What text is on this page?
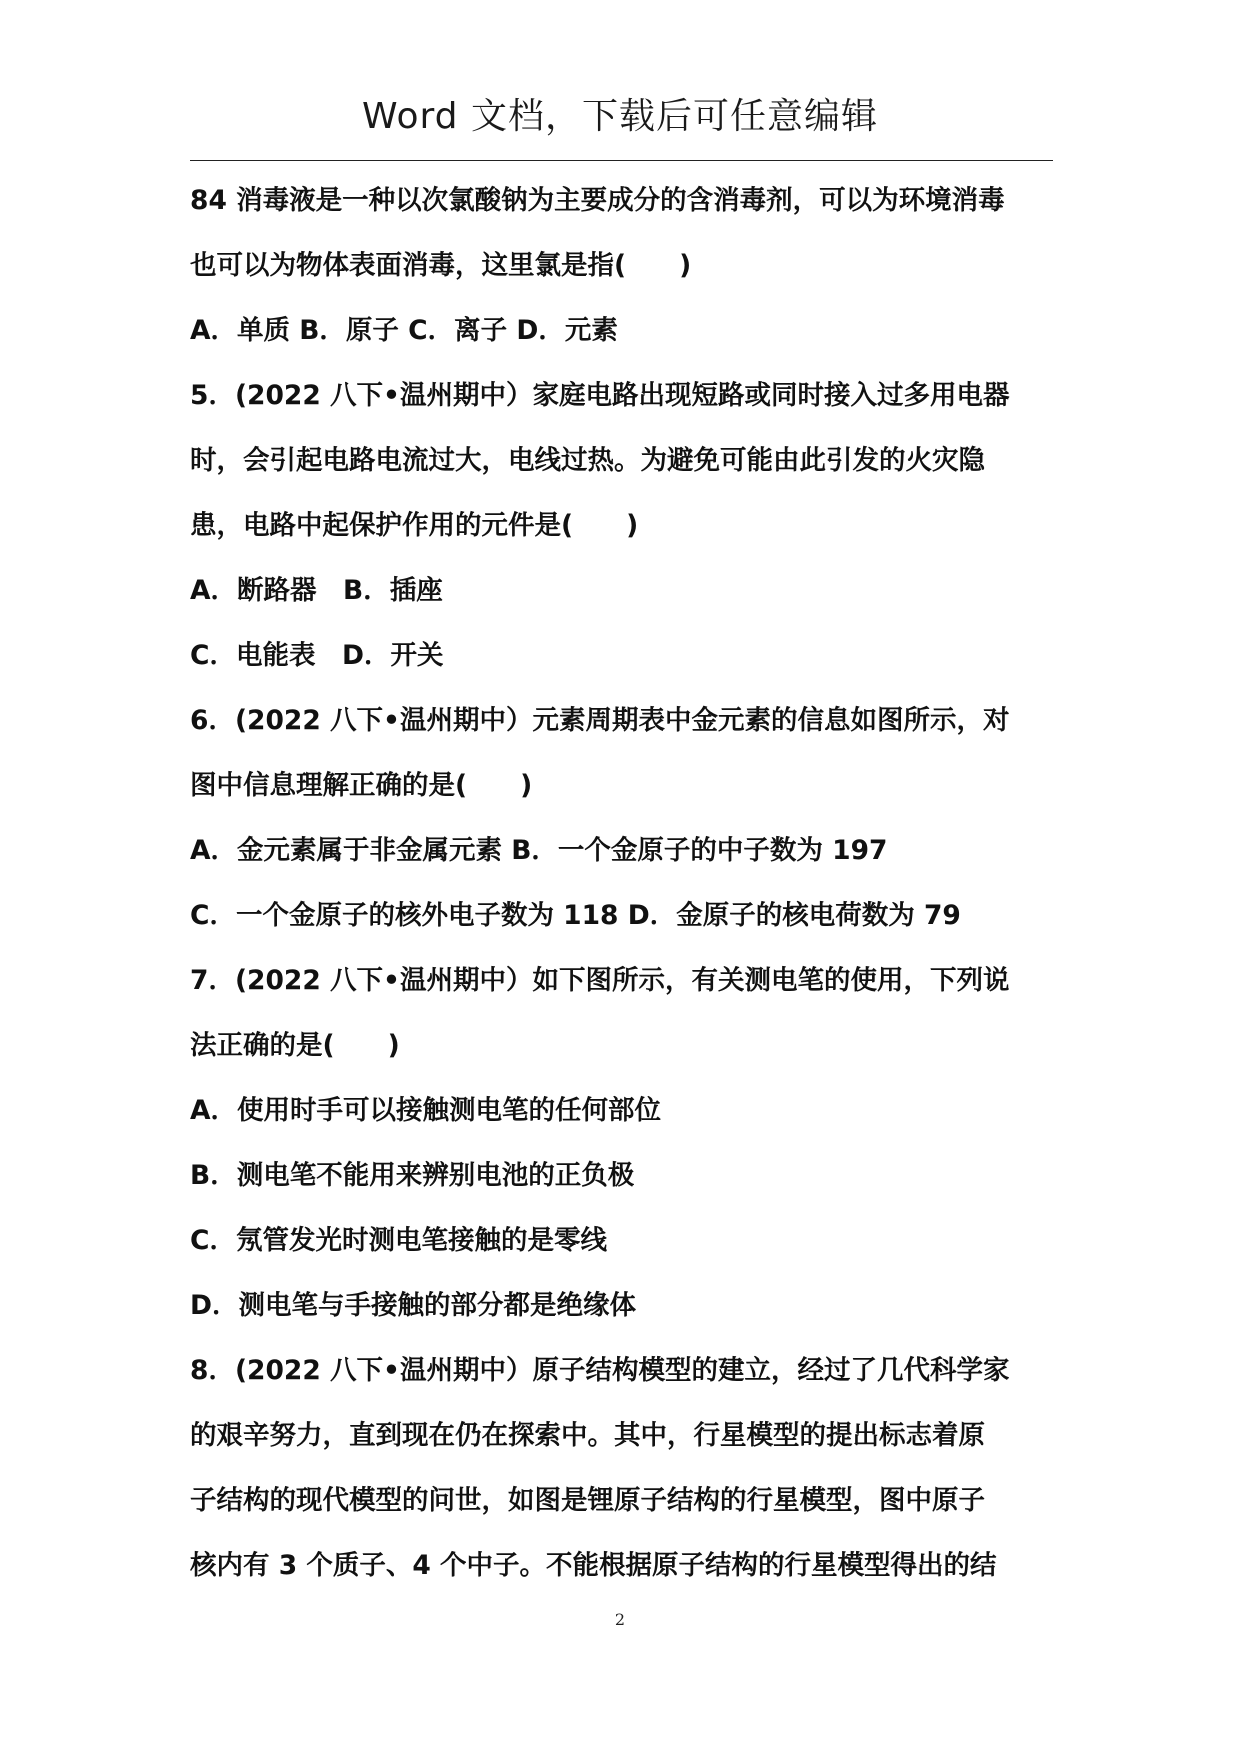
Word 文档，下载后可任意编辑
84 消毒液是一种以次氯酸钠为主要成分的含消毒剂，可以为环境消毒
也可以为物体表面消毒，这里氯是指(　　)
A．单质 B．原子 C．离子 D．元素
5．(2022 八下•温州期中）家庭电路出现短路或同时接入过多用电器
时，会引起电路电流过大，电线过热。为避免可能由此引发的火灾隐
患，电路中起保护作用的元件是(　　)
A．断路器　B．插座
C．电能表　D．开关
6．(2022 八下•温州期中）元素周期表中金元素的信息如图所示，对
图中信息理解正确的是(　　)
A．金元素属于非金属元素 B．一个金原子的中子数为 197
C．一个金原子的核外电子数为 118 D．金原子的核电荷数为 79
7．(2022 八下•温州期中）如下图所示，有关测电笔的使用，下列说
法正确的是(　　)
A．使用时手可以接触测电笔的任何部位
B．测电笔不能用来辨别电池的正负极
C．氖管发光时测电笔接触的是零线
D．测电笔与手接触的部分都是绝缘体
8．(2022 八下•温州期中）原子结构模型的建立，经过了几代科学家
的艰辛努力，直到现在仍在探索中。其中，行星模型的提出标志着原
子结构的现代模型的问世，如图是锂原子结构的行星模型，图中原子
核内有 3 个质子、4 个中子。不能根据原子结构的行星模型得出的结
2
